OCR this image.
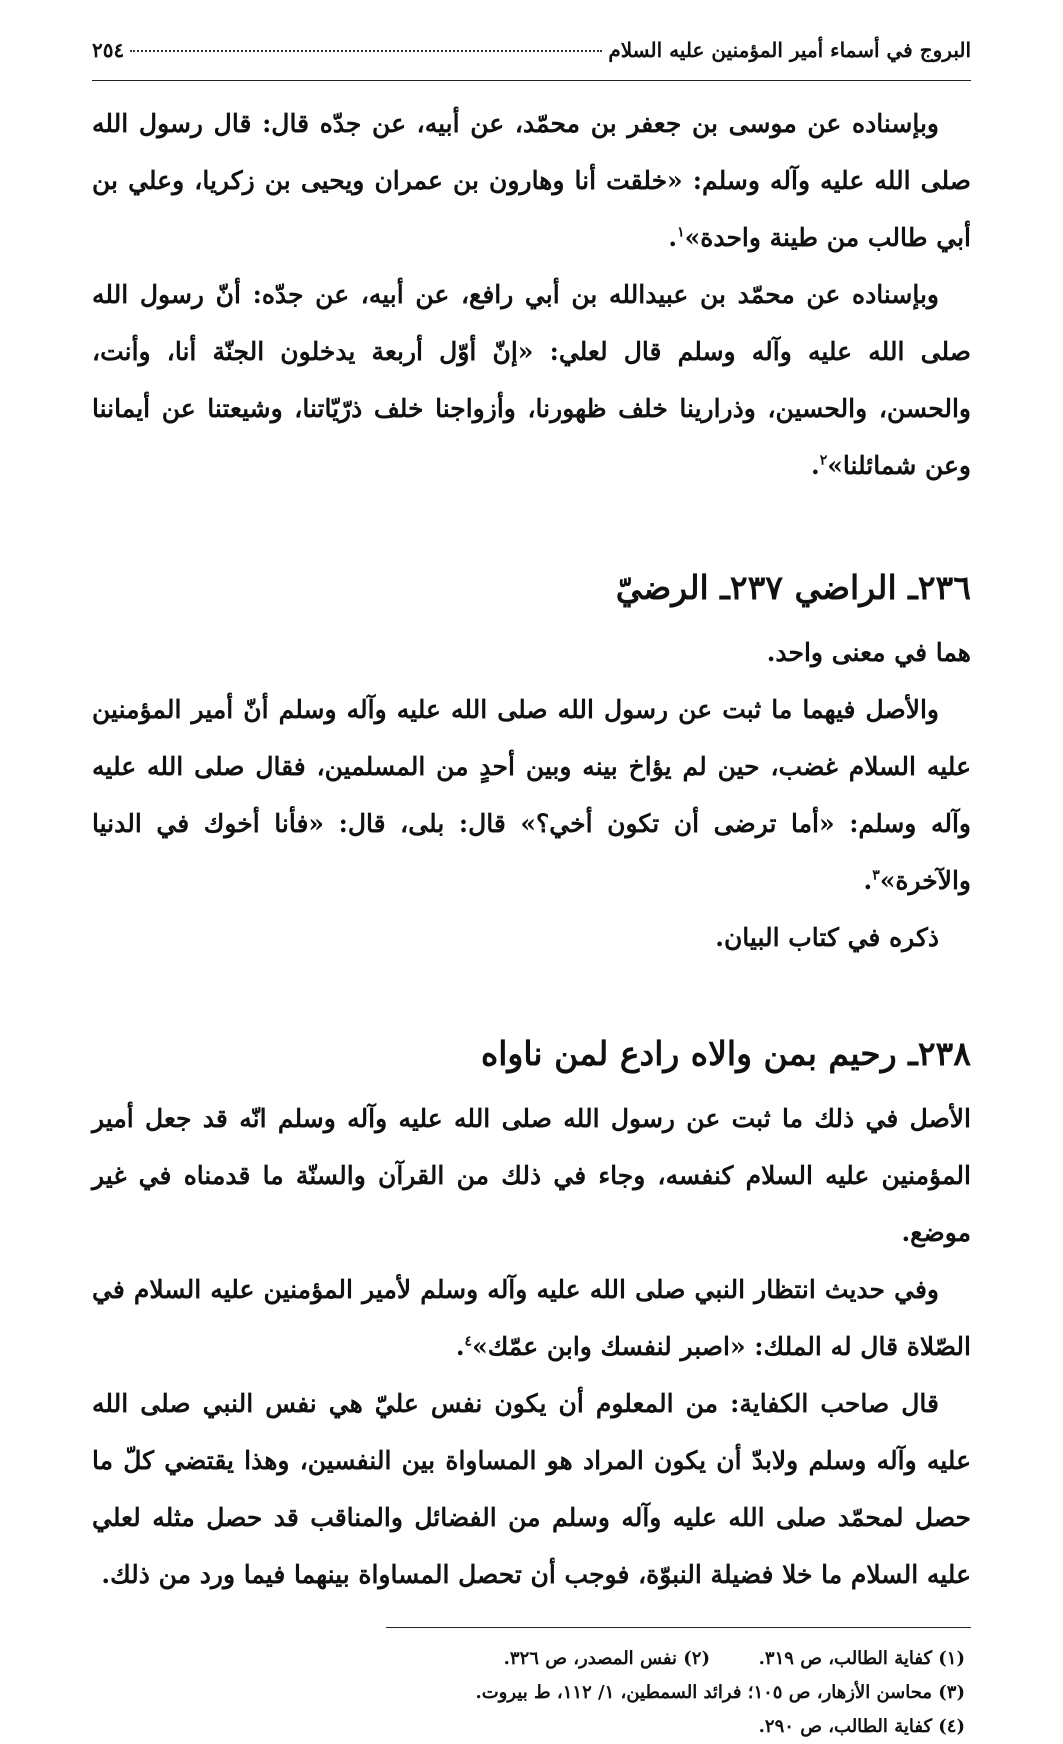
البروج في أسماء أمير المؤمنين عليه السلام
٢٥٤

وبإسناده عن موسى بن جعفر بن محمّد، عن أبيه، عن جدّه قال: قال رسول الله صلى الله عليه وآله وسلم: «خلقت أنا وهارون بن عمران ويحيى بن زكريا، وعلي بن أبي طالب من طينة واحدة»$^١$.

وبإسناده عن محمّد بن عبيدالله بن أبي رافع، عن أبيه، عن جدّه: أنّ رسول الله صلى الله عليه وآله وسلم قال لعلي: «إنّ أوّل أربعة يدخلون الجنّة أنا، وأنت، والحسن، والحسين، وذرارينا خلف ظهورنا، وأزواجنا خلف ذرّيّاتنا، وشيعتنا عن أيماننا وعن شمائلنا»$^٢$.

٢٣٦ـ الراضي ٢٣٧ـ الرضيّ

هما في معنى واحد.

والأصل فيهما ما ثبت عن رسول الله صلى الله عليه وآله وسلم أنّ أمير المؤمنين عليه السلام غضب، حين لم يؤاخ بينه وبين أحدٍ من المسلمين، فقال صلى الله عليه وآله وسلم: «أما ترضى أن تكون أخي؟» قال: بلى، قال: «فأنا أخوك في الدنيا والآخرة»$^٣$.

ذكره في كتاب البيان.

٢٣٨ـ رحيم بمن والاه رادع لمن ناواه

الأصل في ذلك ما ثبت عن رسول الله صلى الله عليه وآله وسلم انّه قد جعل أمير المؤمنين عليه السلام كنفسه، وجاء في ذلك من القرآن والسنّة ما قدمناه في غير موضع.

وفي حديث انتظار النبي صلى الله عليه وآله وسلم لأمير المؤمنين عليه السلام في الصّلاة قال له الملك: «اصبر لنفسك وابن عمّك»$^٤$.

قال صاحب الكفاية: من المعلوم أن يكون نفس عليّ هي نفس النبي صلى الله عليه وآله وسلم ولابدّ أن يكون المراد هو المساواة بين النفسين، وهذا يقتضي كلّ ما حصل لمحمّد صلى الله عليه وآله وسلم من الفضائل والمناقب قد حصل مثله لعلي عليه السلام ما خلا فضيلة النبوّة، فوجب أن تحصل المساواة بينهما فيما ورد من ذلك.

(١) كفاية الطالب، ص ٣١٩.
(٢) نفس المصدر، ص ٣٢٦.
(٣) محاسن الأزهار، ص ١٠٥؛ فرائد السمطين، ١/ ١١٢، ط بيروت.
(٤) كفاية الطالب، ص ٢٩٠.
